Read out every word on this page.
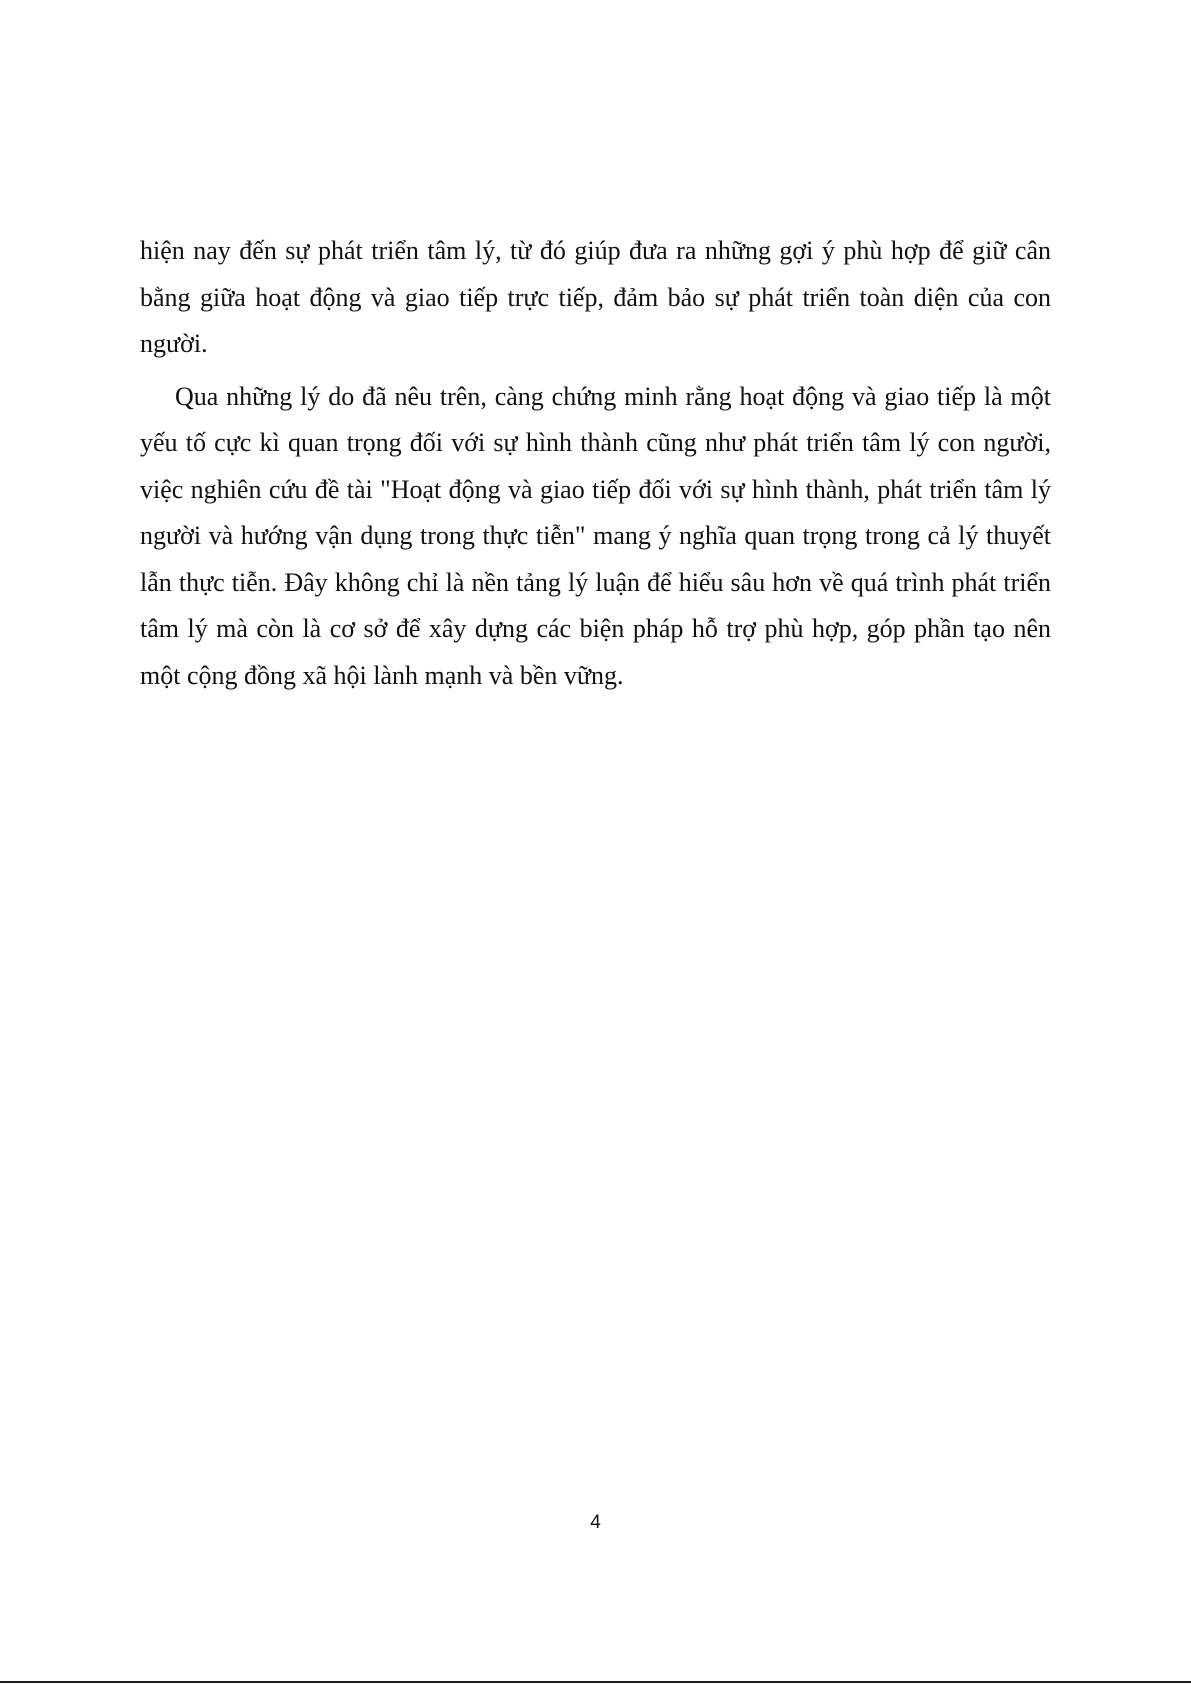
hiện nay đến sự phát triển tâm lý, từ đó giúp đưa ra những gợi ý phù hợp để giữ cân bằng giữa hoạt động và giao tiếp trực tiếp, đảm bảo sự phát triển toàn diện của con người.

Qua những lý do đã nêu trên, càng chứng minh rằng hoạt động và giao tiếp là một yếu tố cực kì quan trọng đối với sự hình thành cũng như phát triển tâm lý con người, việc nghiên cứu đề tài "Hoạt động và giao tiếp đối với sự hình thành, phát triển tâm lý người và hướng vận dụng trong thực tiễn" mang ý nghĩa quan trọng trong cả lý thuyết lẫn thực tiễn. Đây không chỉ là nền tảng lý luận để hiểu sâu hơn về quá trình phát triển tâm lý mà còn là cơ sở để xây dựng các biện pháp hỗ trợ phù hợp, góp phần tạo nên một cộng đồng xã hội lành mạnh và bền vững.

4
